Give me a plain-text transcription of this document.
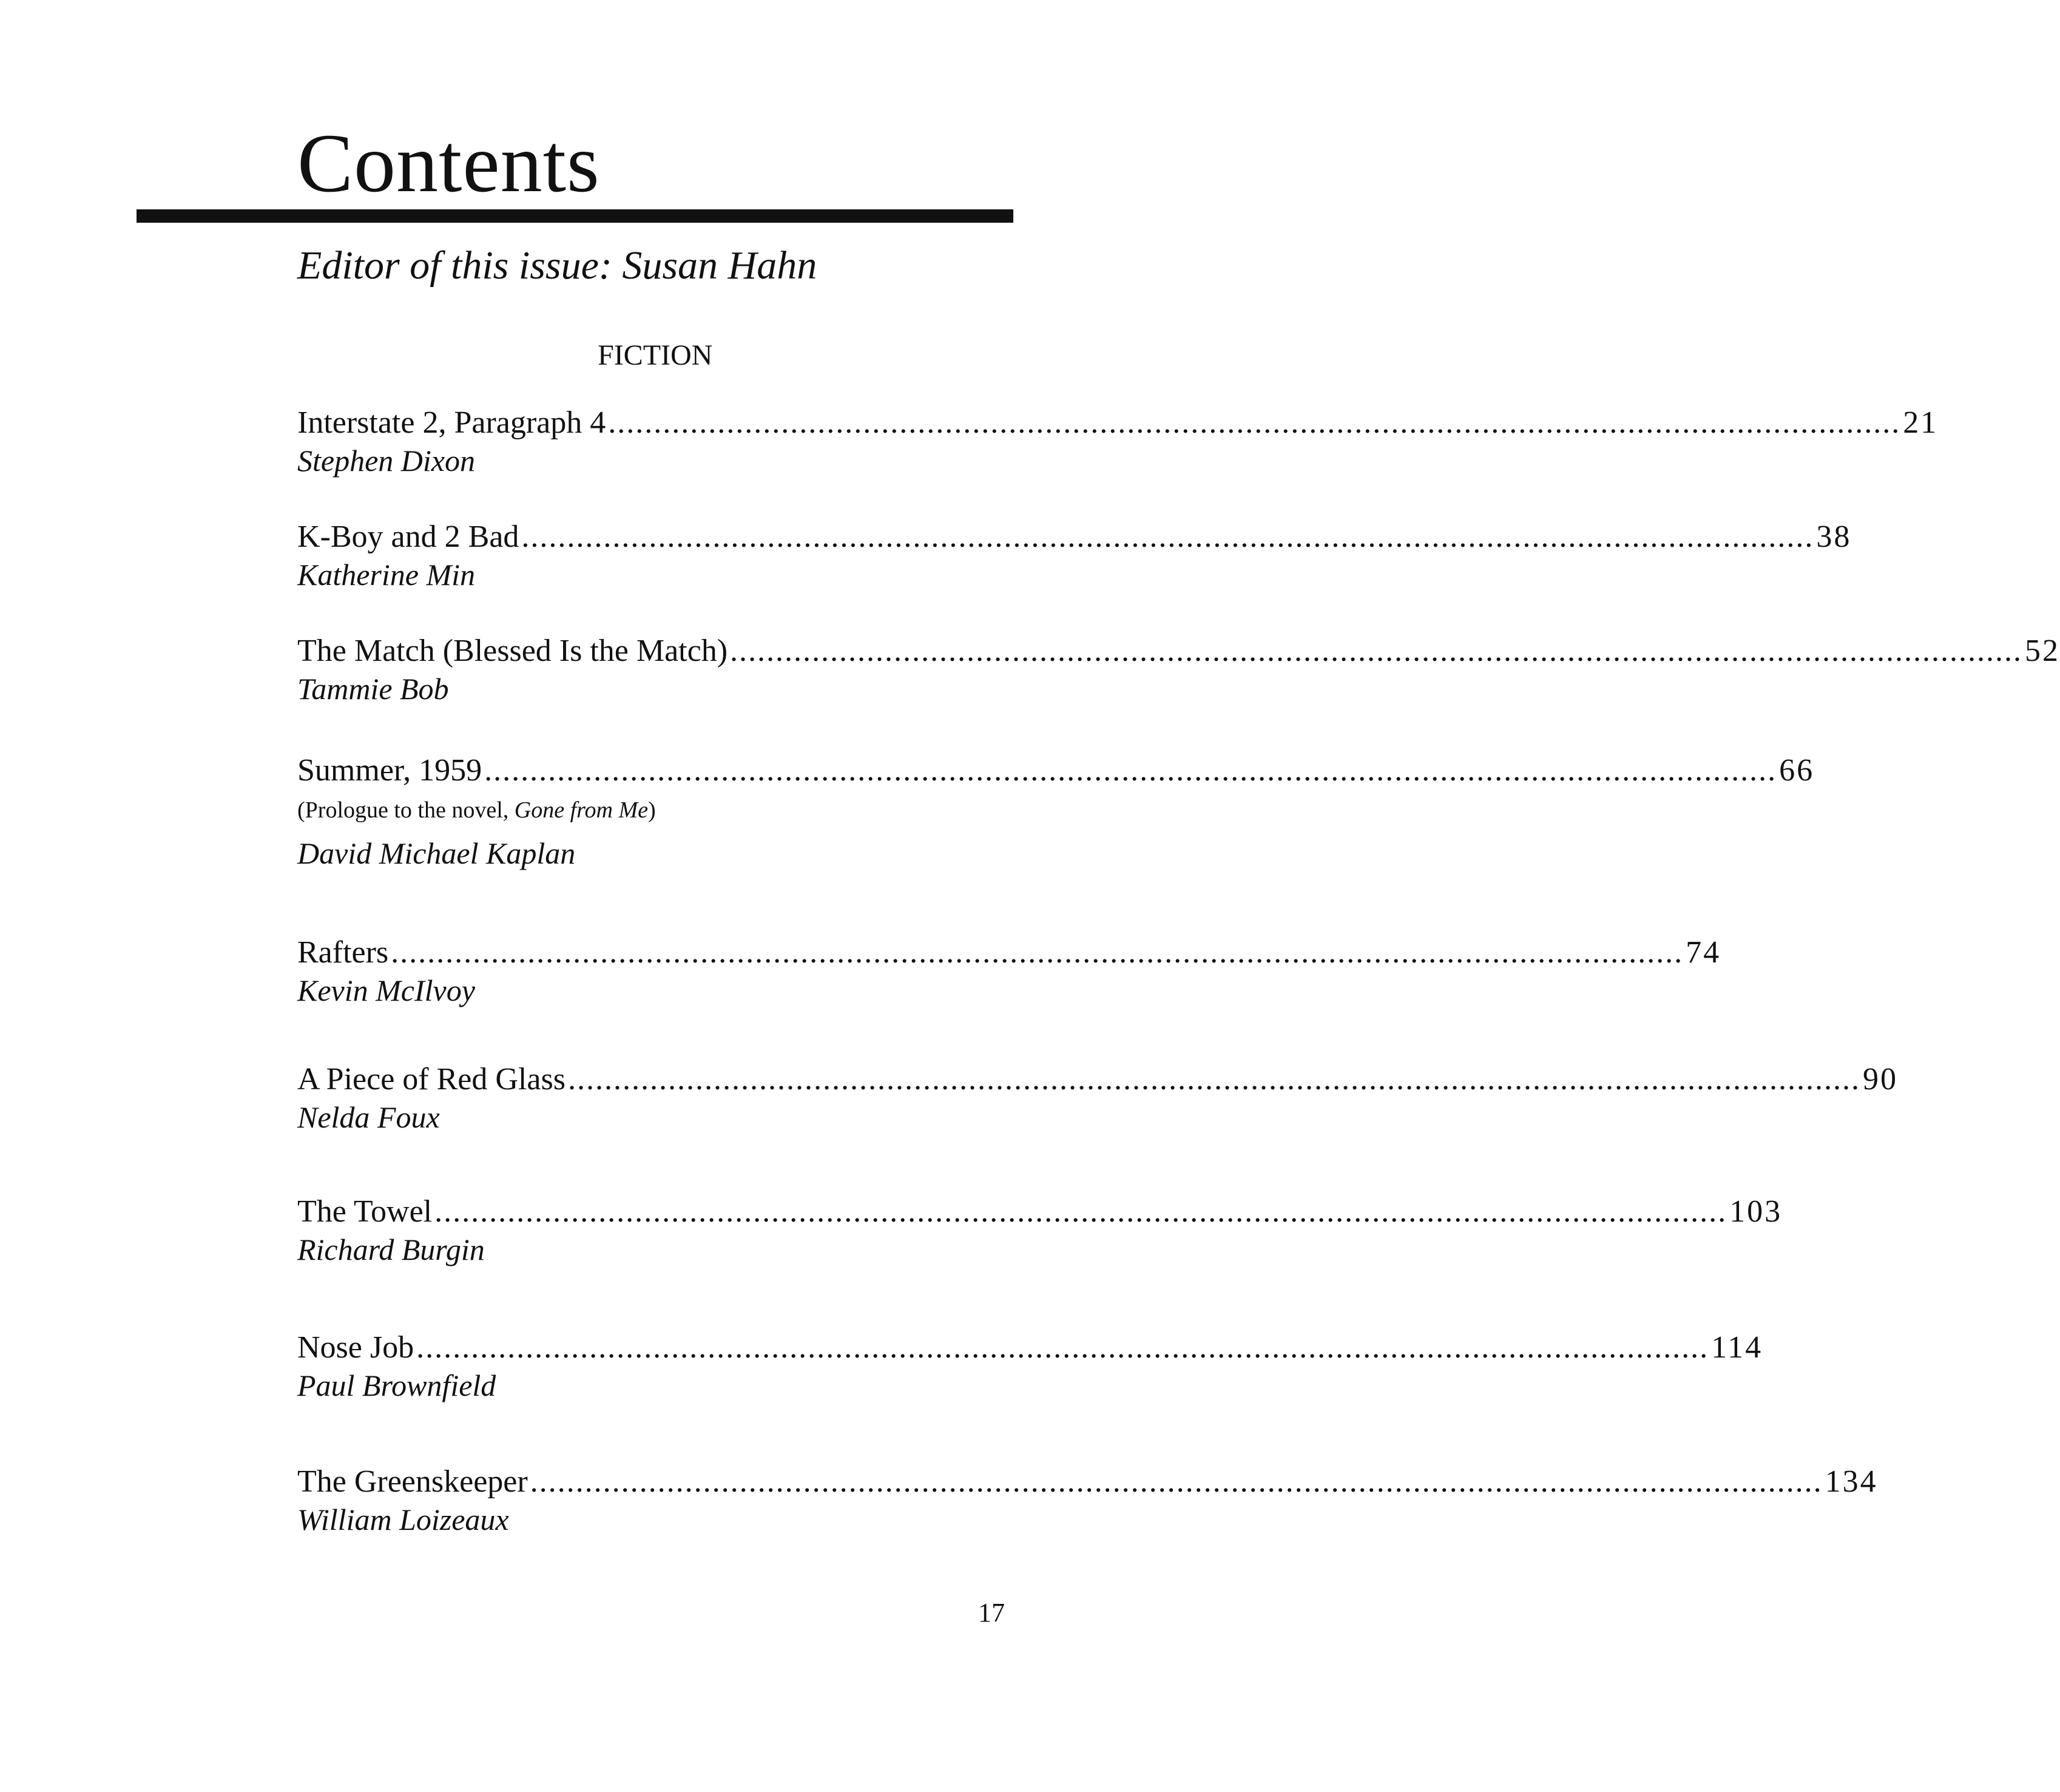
Contents
Editor of this issue: Susan Hahn
FICTION
Interstate 2, Paragraph 4 .............................................................................................................................................. 21
Stephen Dixon
K-Boy and 2 Bad .............................................................................................................................................. 38
Katherine Min
The Match (Blessed Is the Match) .............................................................................................................................................. 52
Tammie Bob
Summer, 1959 .............................................................................................................................................. 66
(Prologue to the novel, Gone from Me)
David Michael Kaplan
Rafters .............................................................................................................................................. 74
Kevin McIlvoy
A Piece of Red Glass .............................................................................................................................................. 90
Nelda Foux
The Towel .............................................................................................................................................. 103
Richard Burgin
Nose Job .............................................................................................................................................. 114
Paul Brownfield
The Greenskeeper .............................................................................................................................................. 134
William Loizeaux
17
